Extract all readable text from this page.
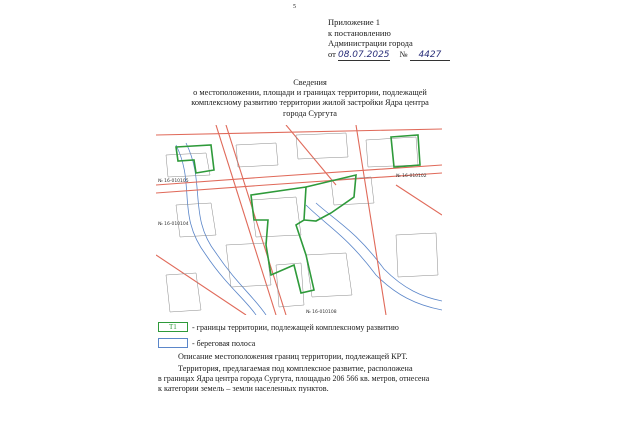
5
Приложение 1
к постановлению
Администрации города
от 08.07.2025 № 4427
Сведения
о местоположении, площади и границах территории, подлежащей
комплексному развитию территории жилой застройки Ядра центра
города Сургута
№ 16-010105
№ 16-010104
№ 16-010102
№ 16-010108
T1	- границы территории, подлежащей комплексному развитию
- береговая полоса
Описание местоположения границ территории, подлежащей КРТ.
Территория, предлагаемая под комплексное развитие, расположена
в границах Ядра центра города Сургута, площадью 206 566 кв. метров, отнесена
к категории земель – земли населенных пунктов.
